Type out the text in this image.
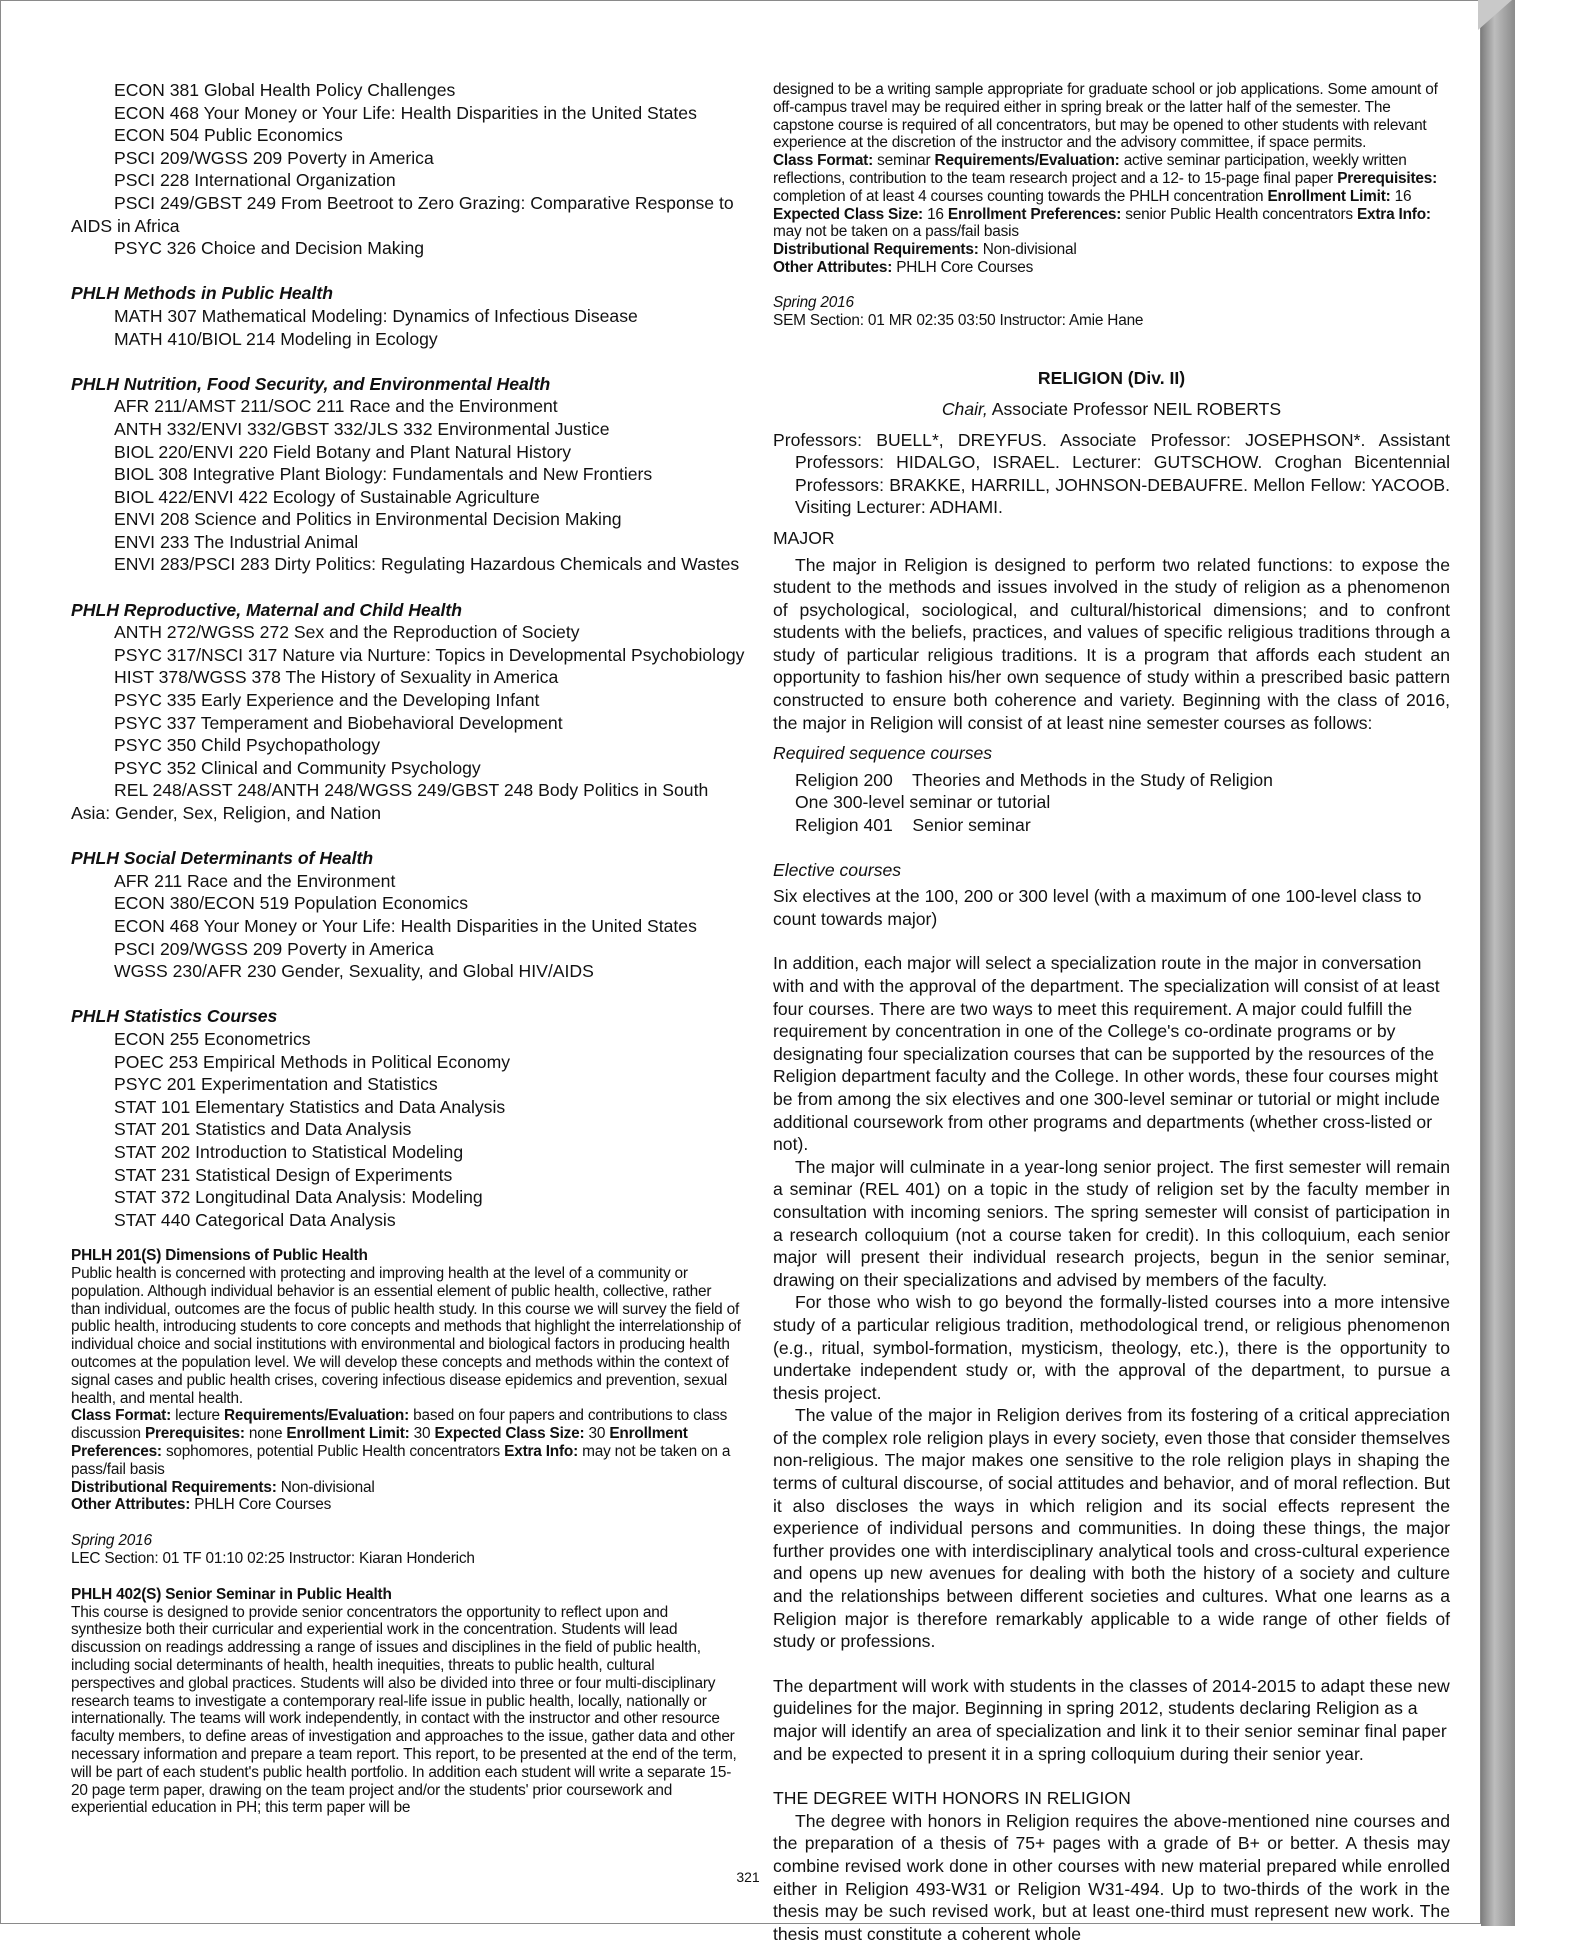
ECON 381 Global Health Policy Challenges
ECON 468 Your Money or Your Life: Health Disparities in the United States
ECON 504 Public Economics
PSCI 209/WGSS 209 Poverty in America
PSCI 228 International Organization
PSCI 249/GBST 249 From Beetroot to Zero Grazing: Comparative Response to AIDS in Africa
PSYC 326 Choice and Decision Making
PHLH Methods in Public Health
MATH 307 Mathematical Modeling: Dynamics of Infectious Disease
MATH 410/BIOL 214 Modeling in Ecology
PHLH Nutrition, Food Security, and Environmental Health
AFR 211/AMST 211/SOC 211 Race and the Environment
ANTH 332/ENVI 332/GBST 332/JLS 332 Environmental Justice
BIOL 220/ENVI 220 Field Botany and Plant Natural History
BIOL 308 Integrative Plant Biology: Fundamentals and New Frontiers
BIOL 422/ENVI 422 Ecology of Sustainable Agriculture
ENVI 208 Science and Politics in Environmental Decision Making
ENVI 233 The Industrial Animal
ENVI 283/PSCI 283 Dirty Politics: Regulating Hazardous Chemicals and Wastes
PHLH Reproductive, Maternal and Child Health
ANTH 272/WGSS 272 Sex and the Reproduction of Society
PSYC 317/NSCI 317 Nature via Nurture: Topics in Developmental Psychobiology
HIST 378/WGSS 378 The History of Sexuality in America
PSYC 335 Early Experience and the Developing Infant
PSYC 337 Temperament and Biobehavioral Development
PSYC 350 Child Psychopathology
PSYC 352 Clinical and Community Psychology
REL 248/ASST 248/ANTH 248/WGSS 249/GBST 248 Body Politics in South Asia: Gender, Sex, Religion, and Nation
PHLH Social Determinants of Health
AFR 211 Race and the Environment
ECON 380/ECON 519 Population Economics
ECON 468 Your Money or Your Life: Health Disparities in the United States
PSCI 209/WGSS 209 Poverty in America
WGSS 230/AFR 230 Gender, Sexuality, and Global HIV/AIDS
PHLH Statistics Courses
ECON 255 Econometrics
POEC 253 Empirical Methods in Political Economy
PSYC 201 Experimentation and Statistics
STAT 101 Elementary Statistics and Data Analysis
STAT 201 Statistics and Data Analysis
STAT 202 Introduction to Statistical Modeling
STAT 231 Statistical Design of Experiments
STAT 372 Longitudinal Data Analysis: Modeling
STAT 440 Categorical Data Analysis
PHLH 201(S) Dimensions of Public Health

Public health is concerned with protecting and improving health at the level of a community or population. Although individual behavior is an essential element of public health, collective, rather than individual, outcomes are the focus of public health study. In this course we will survey the field of public health, introducing students to core concepts and methods that highlight the interrelationship of individual choice and social institutions with environmental and biological factors in producing health outcomes at the population level. We will develop these concepts and methods within the context of signal cases and public health crises, covering infectious disease epidemics and prevention, sexual health, and mental health.

Class Format: lecture Requirements/Evaluation: based on four papers and contributions to class discussion Prerequisites: none Enrollment Limit: 30 Expected Class Size: 30 Enrollment Preferences: sophomores, potential Public Health concentrators Extra Info: may not be taken on a pass/fail basis

Distributional Requirements: Non-divisional

Other Attributes: PHLH Core Courses

Spring 2016

LEC Section: 01 TF 01:10 02:25 Instructor: Kiaran Honderich

PHLH 402(S) Senior Seminar in Public Health

This course is designed to provide senior concentrators the opportunity to reflect upon and synthesize both their curricular and experiential work in the concentration. Students will lead discussion on readings addressing a range of issues and disciplines in the field of public health, including social determinants of health, health inequities, threats to public health, cultural perspectives and global practices. Students will also be divided into three or four multi-disciplinary research teams to investigate a contemporary real-life issue in public health, locally, nationally or internationally. The teams will work independently, in contact with the instructor and other resource faculty members, to define areas of investigation and approaches to the issue, gather data and other necessary information and prepare a team report. This report, to be presented at the end of the term, will be part of each student's public health portfolio. In addition each student will write a separate 15-20 page term paper, drawing on the team project and/or the students' prior coursework and experiential education in PH; this term paper will be

designed to be a writing sample appropriate for graduate school or job applications. Some amount of off-campus travel may be required either in spring break or the latter half of the semester. The capstone course is required of all concentrators, but may be opened to other students with relevant experience at the discretion of the instructor and the advisory committee, if space permits.

Class Format: seminar Requirements/Evaluation: active seminar participation, weekly written reflections, contribution to the team research project and a 12- to 15-page final paper Prerequisites: completion of at least 4 courses counting towards the PHLH concentration Enrollment Limit: 16 Expected Class Size: 16 Enrollment Preferences: senior Public Health concentrators Extra Info: may not be taken on a pass/fail basis

Distributional Requirements: Non-divisional

Other Attributes: PHLH Core Courses

Spring 2016

SEM Section: 01 MR 02:35 03:50 Instructor: Amie Hane

RELIGION (Div. II)
Chair, Associate Professor NEIL ROBERTS

Professors: BUELL*, DREYFUS. Associate Professor: JOSEPHSON*. Assistant Professors: HIDALGO, ISRAEL. Lecturer: GUTSCHOW. Croghan Bicentennial Professors: BRAKKE, HARRILL, JOHNSON-DEBAUFRE. Mellon Fellow: YACOOB. Visiting Lecturer: ADHAMI.

MAJOR

The major in Religion is designed to perform two related functions: to expose the student to the methods and issues involved in the study of religion as a phenomenon of psychological, sociological, and cultural/historical dimensions; and to confront students with the beliefs, practices, and values of specific religious traditions through a study of particular religious traditions. It is a program that affords each student an opportunity to fashion his/her own sequence of study within a prescribed basic pattern constructed to ensure both coherence and variety. Beginning with the class of 2016, the major in Religion will consist of at least nine semester courses as follows:

Required sequence courses

Religion 200    Theories and Methods in the Study of Religion

One 300-level seminar or tutorial

Religion 401    Senior seminar

Elective courses

Six electives at the 100, 200 or 300 level (with a maximum of one 100-level class to count towards major)

In addition, each major will select a specialization route in the major in conversation with and with the approval of the department. The specialization will consist of at least four courses. There are two ways to meet this requirement. A major could fulfill the requirement by concentration in one of the College's co-ordinate programs or by designating four specialization courses that can be supported by the resources of the Religion department faculty and the College. In other words, these four courses might be from among the six electives and one 300-level seminar or tutorial or might include additional coursework from other programs and departments (whether cross-listed or not).

The major will culminate in a year-long senior project. The first semester will remain a seminar (REL 401) on a topic in the study of religion set by the faculty member in consultation with incoming seniors. The spring semester will consist of participation in a research colloquium (not a course taken for credit). In this colloquium, each senior major will present their individual research projects, begun in the senior seminar, drawing on their specializations and advised by members of the faculty.

For those who wish to go beyond the formally-listed courses into a more intensive study of a particular religious tradition, methodological trend, or religious phenomenon (e.g., ritual, symbol-formation, mysticism, theology, etc.), there is the opportunity to undertake independent study or, with the approval of the department, to pursue a thesis project.

The value of the major in Religion derives from its fostering of a critical appreciation of the complex role religion plays in every society, even those that consider themselves non-religious. The major makes one sensitive to the role religion plays in shaping the terms of cultural discourse, of social attitudes and behavior, and of moral reflection. But it also discloses the ways in which religion and its social effects represent the experience of individual persons and communities. In doing these things, the major further provides one with interdisciplinary analytical tools and cross-cultural experience and opens up new avenues for dealing with both the history of a society and culture and the relationships between different societies and cultures. What one learns as a Religion major is therefore remarkably applicable to a wide range of other fields of study or professions.

The department will work with students in the classes of 2014-2015 to adapt these new guidelines for the major. Beginning in spring 2012, students declaring Religion as a major will identify an area of specialization and link it to their senior seminar final paper and be expected to present it in a spring colloquium during their senior year.

THE DEGREE WITH HONORS IN RELIGION

The degree with honors in Religion requires the above-mentioned nine courses and the preparation of a thesis of 75+ pages with a grade of B+ or better. A thesis may combine revised work done in other courses with new material prepared while enrolled either in Religion 493-W31 or Religion W31-494. Up to two-thirds of the work in the thesis may be such revised work, but at least one-third must represent new work. The thesis must constitute a coherent whole

321
